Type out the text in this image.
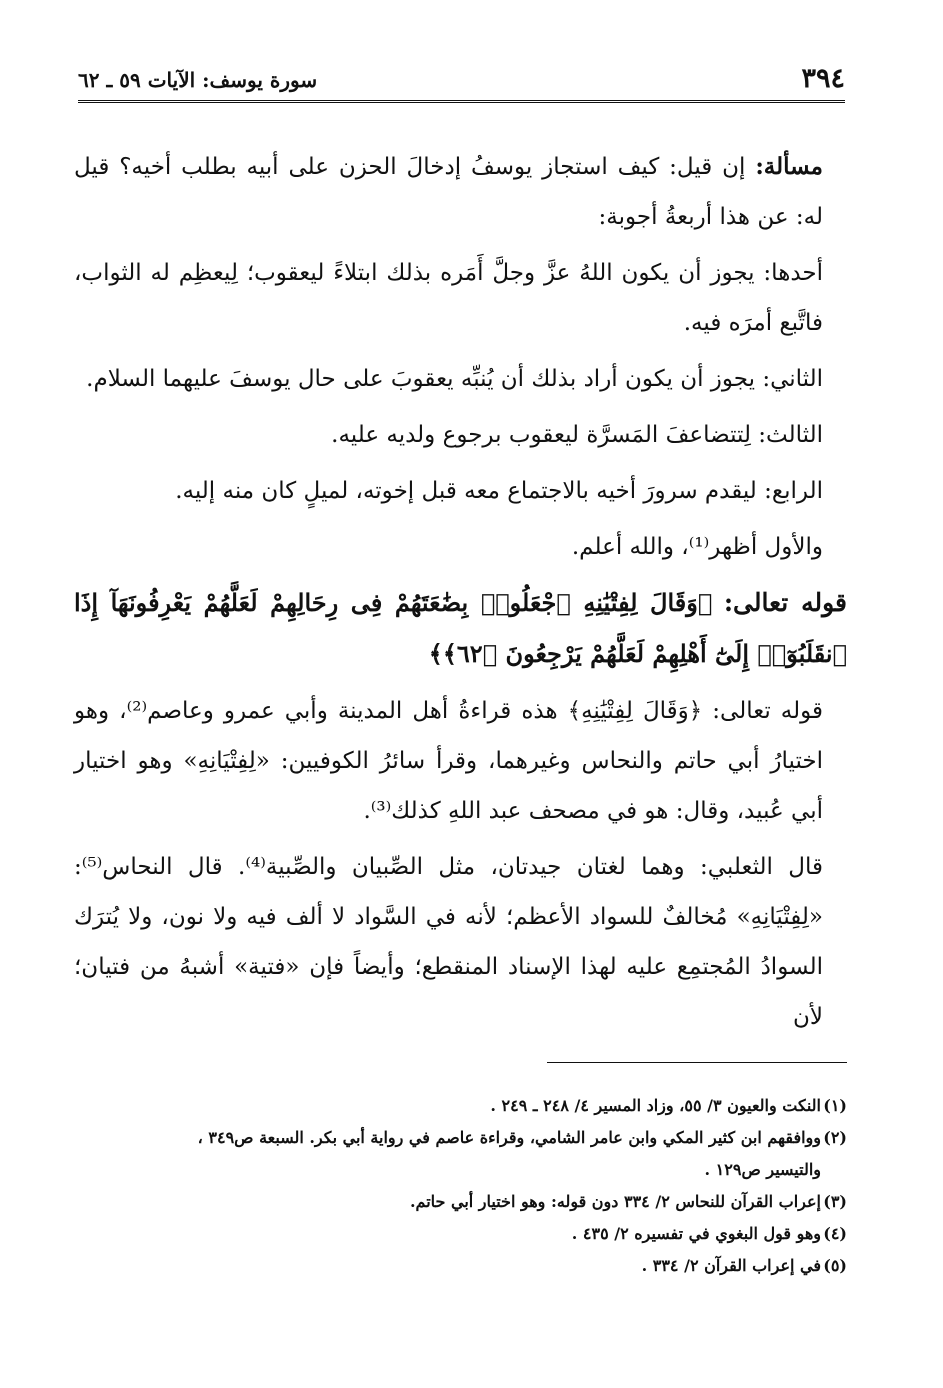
٣٩٤
سورة يوسف: الآيات ٥٩ ـ ٦٢

مسألة: إن قيل: كيف استجاز يوسفُ إدخالَ الحزن على أبيه بطلب أخيه؟ قيل له: عن هذا أربعةُ أجوبة:

أحدها: يجوز أن يكون اللهُ عزَّ وجلَّ أَمَره بذلك ابتلاءً ليعقوب؛ لِيعظِم له الثواب، فاتَّبع أمرَه فيه.

الثاني: يجوز أن يكون أراد بذلك أن يُنبِّه يعقوبَ على حال يوسفَ عليهما السلام.

الثالث: لِتتضاعفَ المَسرَّة ليعقوب برجوع ولديه عليه.

الرابع: ليقدم سرورَ أخيه بالاجتماع معه قبل إخوته، لميلٍ كان منه إليه.

والأول أظهر⁽¹⁾، والله أعلم.

قوله تعالى: ﴿وَقَالَ لِفِتْيَٰنِهِ ٱجْعَلُوا۟ بِضَٰعَتَهُمْ فِى رِحَالِهِمْ لَعَلَّهُمْ يَعْرِفُونَهَآ إِذَا ٱنقَلَبُوٓا۟ إِلَىٰٓ أَهْلِهِمْ لَعَلَّهُمْ يَرْجِعُونَ ﴿٦٢﴾﴾

قوله تعالى: ﴿وَقَالَ لِفِتْيَٰنِهِ﴾ هذه قراءةُ أهل المدينة وأبي عمرو وعاصم⁽²⁾، وهو اختيارُ أبي حاتم والنحاس وغيرهما، وقرأ سائرُ الكوفيين: «لِفِتْيَانِهِ» وهو اختيار أبي عُبيد، وقال: هو في مصحف عبد اللهِ كذلك⁽³⁾.

قال الثعلبي: وهما لغتان جيدتان، مثل الصِّبيان والصِّبية⁽⁴⁾. قال النحاس⁽⁵⁾: «لِفِتْيَانِهِ» مُخالفٌ للسواد الأعظم؛ لأنه في السَّواد لا ألف فيه ولا نون، ولا يُترَك السوادُ المُجتمِع عليه لهذا الإسناد المنقطع؛ وأيضاً فإن «فتية» أشبهُ من فتيان؛ لأن

(١)
النكت والعيون ٣/ ٥٥، وزاد المسير ٤/ ٢٤٨ ـ ٢٤٩ .

(٢)
ووافقهم ابن كثير المكي وابن عامر الشامي، وقراءة عاصم في رواية أبي بكر. السبعة ص٣٤٩ ،

والتيسير ص١٢٩ .

(٣)
إعراب القرآن للنحاس ٢/ ٣٣٤ دون قوله: وهو اختيار أبي حاتم.

(٤)
وهو قول البغوي في تفسيره ٢/ ٤٣٥ .

(٥)
في إعراب القرآن ٢/ ٣٣٤ .
